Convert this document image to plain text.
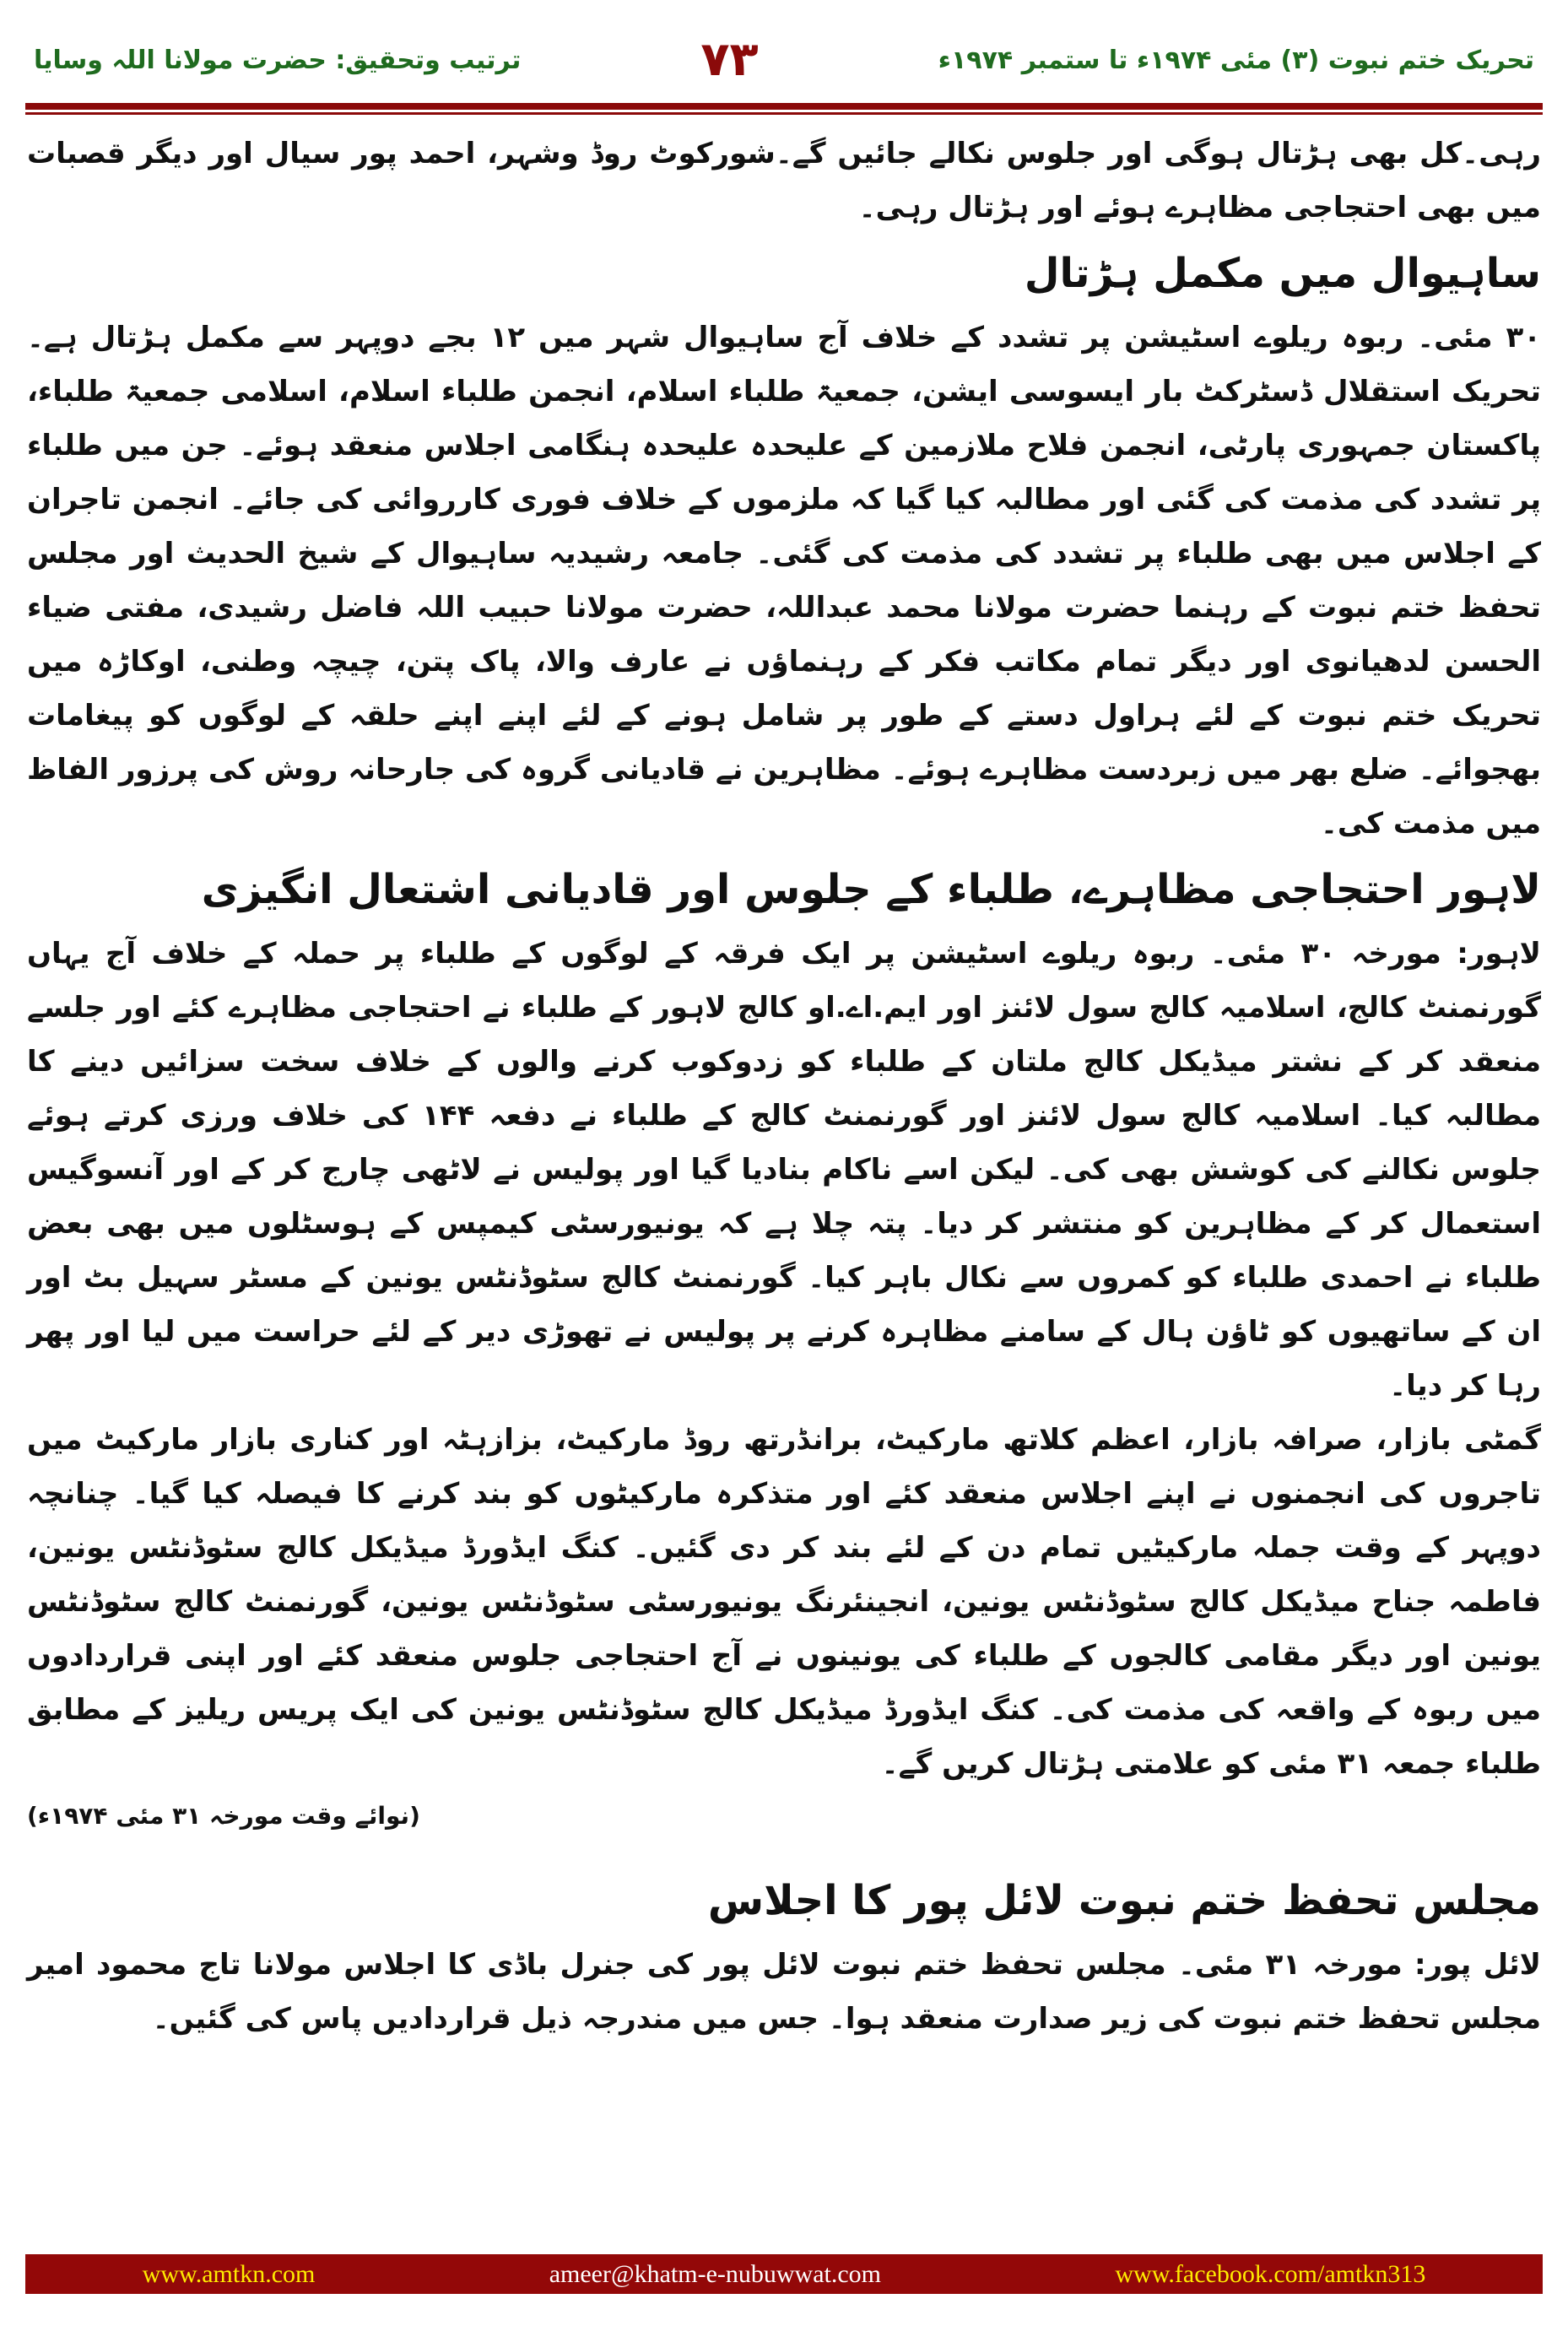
ترتیب وتحقیق: حضرت مولانا اللہ وسایا	۷۳	تحریک ختم نبوت (۳) مئی ۱۹۷۴ء تا ستمبر ۱۹۷۴ء

رہی۔کل بھی ہڑتال ہوگی اور جلوس نکالے جائیں گے۔شورکوٹ روڈ وشہر، احمد پور سیال اور دیگر قصبات میں بھی احتجاجی مظاہرے ہوئے اور ہڑتال رہی۔

ساہیوال میں مکمل ہڑتال

۳۰ مئی۔ ربوہ ریلوے اسٹیشن پر تشدد کے خلاف آج ساہیوال شہر میں ۱۲ بجے دوپہر سے مکمل ہڑتال ہے۔تحریک استقلال ڈسٹرکٹ بار ایسوسی ایشن، جمعیۃ طلباء اسلام، انجمن طلباء اسلام، اسلامی جمعیۃ طلباء، پاکستان جمہوری پارٹی، انجمن فلاح ملازمین کے علیحدہ علیحدہ ہنگامی اجلاس منعقد ہوئے۔ جن میں طلباء پر تشدد کی مذمت کی گئی اور مطالبہ کیا گیا کہ ملزموں کے خلاف فوری کارروائی کی جائے۔ انجمن تاجران کے اجلاس میں بھی طلباء پر تشدد کی مذمت کی گئی۔ جامعہ رشیدیہ ساہیوال کے شیخ الحدیث اور مجلس تحفظ ختم نبوت کے رہنما حضرت مولانا محمد عبداللہ، حضرت مولانا حبیب اللہ فاضل رشیدی، مفتی ضیاء الحسن لدھیانوی اور دیگر تمام مکاتب فکر کے رہنماؤں نے عارف والا، پاک پتن، چیچہ وطنی، اوکاڑہ میں تحریک ختم نبوت کے لئے ہراول دستے کے طور پر شامل ہونے کے لئے اپنے اپنے حلقہ کے لوگوں کو پیغامات بھجوائے۔ ضلع بھر میں زبردست مظاہرے ہوئے۔ مظاہرین نے قادیانی گروہ کی جارحانہ روش کی پرزور الفاظ میں مذمت کی۔

لاہور احتجاجی مظاہرے، طلباء کے جلوس اور قادیانی اشتعال انگیزی

لاہور: مورخہ ۳۰ مئی۔ ربوہ ریلوے اسٹیشن پر ایک فرقہ کے لوگوں کے طلباء پر حملہ کے خلاف آج یہاں گورنمنٹ کالج، اسلامیہ کالج سول لائنز اور ایم.اے.او کالج لاہور کے طلباء نے احتجاجی مظاہرے کئے اور جلسے منعقد کر کے نشتر میڈیکل کالج ملتان کے طلباء کو زدوکوب کرنے والوں کے خلاف سخت سزائیں دینے کا مطالبہ کیا۔ اسلامیہ کالج سول لائنز اور گورنمنٹ کالج کے طلباء نے دفعہ ۱۴۴ کی خلاف ورزی کرتے ہوئے جلوس نکالنے کی کوشش بھی کی۔ لیکن اسے ناکام بنادیا گیا اور پولیس نے لاٹھی چارج کر کے اور آنسوگیس استعمال کر کے مظاہرین کو منتشر کر دیا۔ پتہ چلا ہے کہ یونیورسٹی کیمپس کے ہوسٹلوں میں بھی بعض طلباء نے احمدی طلباء کو کمروں سے نکال باہر کیا۔ گورنمنٹ کالج سٹوڈنٹس یونین کے مسٹر سہیل بٹ اور ان کے ساتھیوں کو ٹاؤن ہال کے سامنے مظاہرہ کرنے پر پولیس نے تھوڑی دیر کے لئے حراست میں لیا اور پھر رہا کر دیا۔

گمٹی بازار، صرافہ بازار، اعظم کلاتھ مارکیٹ، برانڈرتھ روڈ مارکیٹ، بزازہٹہ اور کناری بازار مارکیٹ میں تاجروں کی انجمنوں نے اپنے اجلاس منعقد کئے اور متذکرہ مارکیٹوں کو بند کرنے کا فیصلہ کیا گیا۔ چنانچہ دوپہر کے وقت جملہ مارکیٹیں تمام دن کے لئے بند کر دی گئیں۔ کنگ ایڈورڈ میڈیکل کالج سٹوڈنٹس یونین، فاطمہ جناح میڈیکل کالج سٹوڈنٹس یونین، انجینئرنگ یونیورسٹی سٹوڈنٹس یونین، گورنمنٹ کالج سٹوڈنٹس یونین اور دیگر مقامی کالجوں کے طلباء کی یونینوں نے آج احتجاجی جلوس منعقد کئے اور اپنی قراردادوں میں ربوہ کے واقعہ کی مذمت کی۔ کنگ ایڈورڈ میڈیکل کالج سٹوڈنٹس یونین کی ایک پریس ریلیز کے مطابق طلباء جمعہ ۳۱ مئی کو علامتی ہڑتال کریں گے۔

(نوائے وقت مورخہ ۳۱ مئی ۱۹۷۴ء)
مجلس تحفظ ختم نبوت لائل پور کا اجلاس

لائل پور: مورخہ ۳۱ مئی۔ مجلس تحفظ ختم نبوت لائل پور کی جنرل باڈی کا اجلاس مولانا تاج محمود امیر مجلس تحفظ ختم نبوت کی زیر صدارت منعقد ہوا۔ جس میں مندرجہ ذیل قراردادیں پاس کی گئیں۔

www.amtkn.com	ameer@khatm-e-nubuwwat.com	www.facebook.com/amtkn313
